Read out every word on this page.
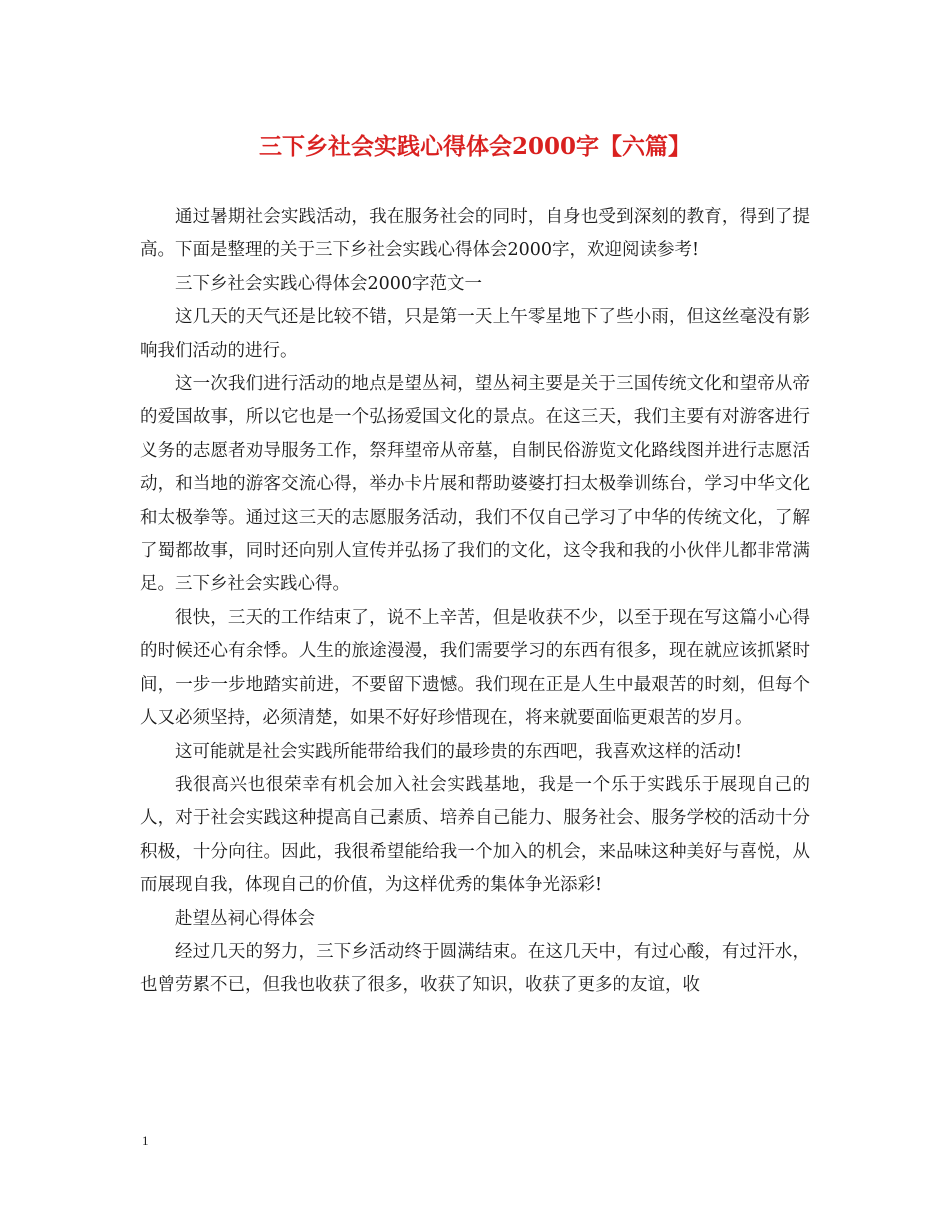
三下乡社会实践心得体会2000字【六篇】

通过暑期社会实践活动，我在服务社会的同时，自身也受到深刻的教育，得到了提高。下面是整理的关于三下乡社会实践心得体会2000字，欢迎阅读参考!

三下乡社会实践心得体会2000字范文一

这几天的天气还是比较不错，只是第一天上午零星地下了些小雨，但这丝毫没有影响我们活动的进行。

这一次我们进行活动的地点是望丛祠，望丛祠主要是关于三国传统文化和望帝从帝的爱国故事，所以它也是一个弘扬爱国文化的景点。在这三天，我们主要有对游客进行义务的志愿者劝导服务工作，祭拜望帝从帝墓，自制民俗游览文化路线图并进行志愿活动，和当地的游客交流心得，举办卡片展和帮助婆婆打扫太极拳训练台，学习中华文化和太极拳等。通过这三天的志愿服务活动，我们不仅自己学习了中华的传统文化，了解了蜀都故事，同时还向别人宣传并弘扬了我们的文化，这令我和我的小伙伴儿都非常满足。三下乡社会实践心得。

很快，三天的工作结束了，说不上辛苦，但是收获不少，以至于现在写这篇小心得的时候还心有余悸。人生的旅途漫漫，我们需要学习的东西有很多，现在就应该抓紧时间，一步一步地踏实前进，不要留下遗憾。我们现在正是人生中最艰苦的时刻，但每个人又必须坚持，必须清楚，如果不好好珍惜现在，将来就要面临更艰苦的岁月。

这可能就是社会实践所能带给我们的最珍贵的东西吧，我喜欢这样的活动!

我很高兴也很荣幸有机会加入社会实践基地，我是一个乐于实践乐于展现自己的人，对于社会实践这种提高自己素质、培养自己能力、服务社会、服务学校的活动十分积极，十分向往。因此，我很希望能给我一个加入的机会，来品味这种美好与喜悦，从而展现自我，体现自己的价值，为这样优秀的集体争光添彩!

赴望丛祠心得体会

经过几天的努力，三下乡活动终于圆满结束。在这几天中，有过心酸，有过汗水，也曾劳累不已，但我也收获了很多，收获了知识，收获了更多的友谊，收

1
